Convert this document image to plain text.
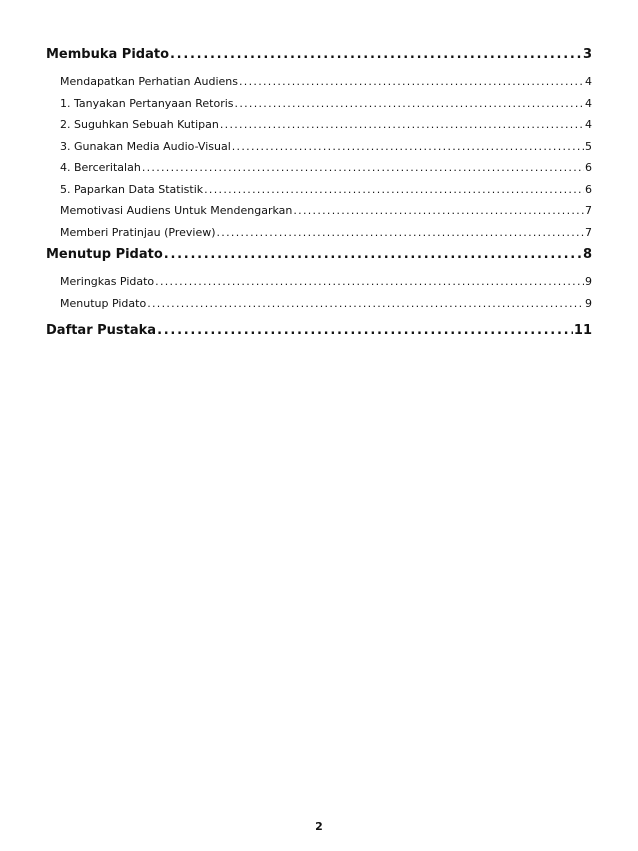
Membuka Pidato . . .	3
Mendapatkan Perhatian Audiens . . .	4
1. Tanyakan Pertanyaan Retoris . . .	4
2. Suguhkan Sebuah Kutipan . . .	4
3. Gunakan Media Audio-Visual . . .	5
4. Berceritalah . . .	6
5. Paparkan Data Statistik . . .	6
Memotivasi Audiens Untuk Mendengarkan . . .	7
Memberi Pratinjau (Preview) . . .	7
Menutup Pidato . . .	8
Meringkas Pidato . . .	9
Menutup Pidato . . .	9
Daftar Pustaka . . .	11
2
